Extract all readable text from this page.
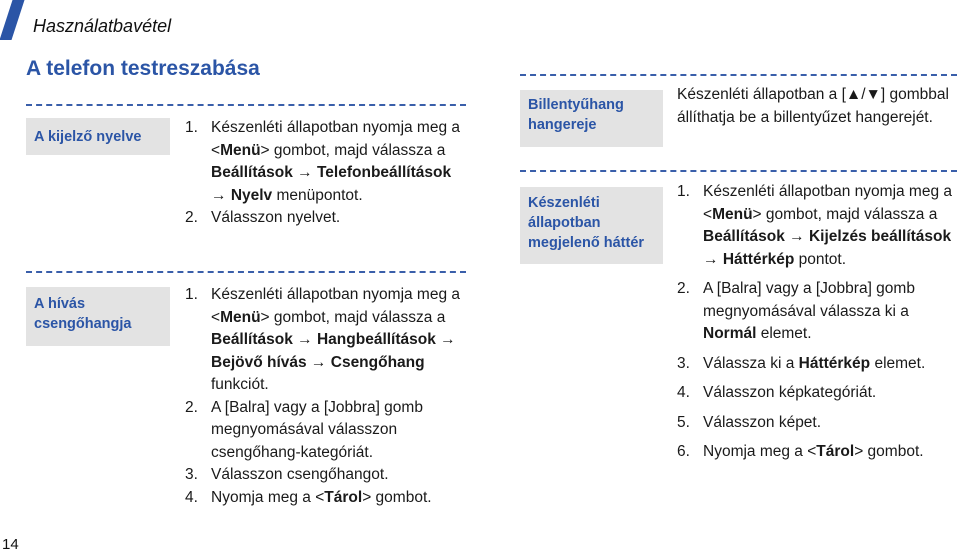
Használatbavétel
A telefon testreszabása
A kijelző nyelve
1. Készenléti állapotban nyomja meg a <Menü> gombot, majd válassza a Beállítások → Telefonbeállítások → Nyelv menüpontot.
2. Válasszon nyelvet.
A hívás csengőhangja
1. Készenléti állapotban nyomja meg a <Menü> gombot, majd válassza a Beállítások → Hangbeállítások → Bejövő hívás → Csengőhang funkciót.
2. A [Balra] vagy a [Jobbra] gomb megnyomásával válasszon csengőhang-kategóriát.
3. Válasszon csengőhangot.
4. Nyomja meg a <Tárol> gombot.
Billentyűhang hangereje
Készenléti állapotban a [▲/▼] gombbal állíthatja be a billentyűzet hangerejét.
Készenléti állapotban megjelenő háttér
1. Készenléti állapotban nyomja meg a <Menü> gombot, majd válassza a Beállítások → Kijelzés beállítások → Háttérkép pontot.
2. A [Balra] vagy a [Jobbra] gomb megnyomásával válassza ki a Normál elemet.
3. Válassza ki a Háttérkép elemet.
4. Válasszon képkategóriát.
5. Válasszon képet.
6. Nyomja meg a <Tárol> gombot.
14
